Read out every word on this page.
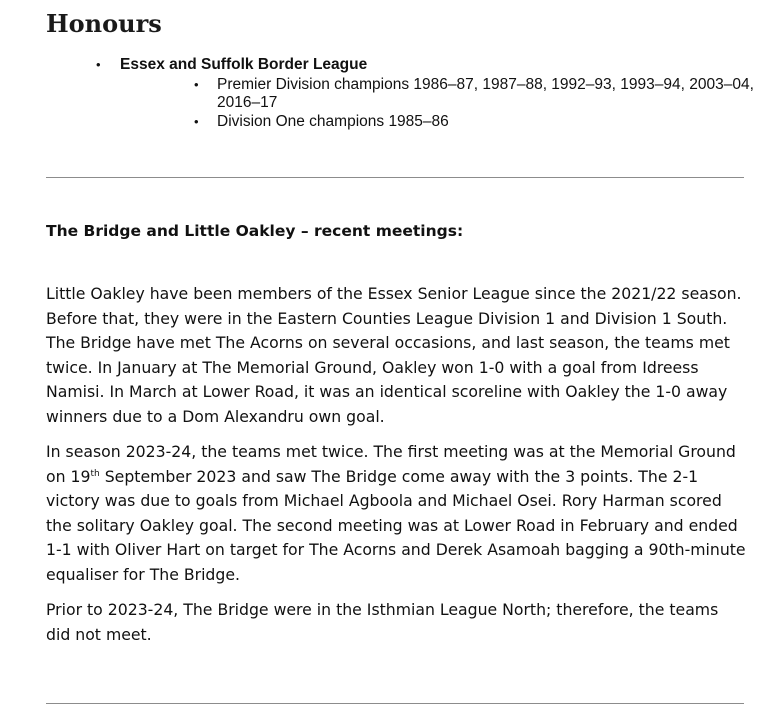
Honours
• Essex and Suffolk Border League
• Premier Division champions 1986–87, 1987–88, 1992–93, 1993–94, 2003–04, 2016–17
• Division One champions 1985–86
The Bridge and Little Oakley – recent meetings:

Little Oakley have been members of the Essex Senior League since the 2021/22 season. Before that, they were in the Eastern Counties League Division 1 and Division 1 South. The Bridge have met The Acorns on several occasions, and last season, the teams met twice. In January at The Memorial Ground, Oakley won 1-0 with a goal from Idreess Namisi. In March at Lower Road, it was an identical scoreline with Oakley the 1-0 away winners due to a Dom Alexandru own goal.

In season 2023-24, the teams met twice. The first meeting was at the Memorial Ground on 19th September 2023 and saw The Bridge come away with the 3 points. The 2-1 victory was due to goals from Michael Agboola and Michael Osei. Rory Harman scored the solitary Oakley goal. The second meeting was at Lower Road in February and ended 1-1 with Oliver Hart on target for The Acorns and Derek Asamoah bagging a 90th-minute equaliser for The Bridge.

Prior to 2023-24, The Bridge were in the Isthmian League North; therefore, the teams did not meet.
